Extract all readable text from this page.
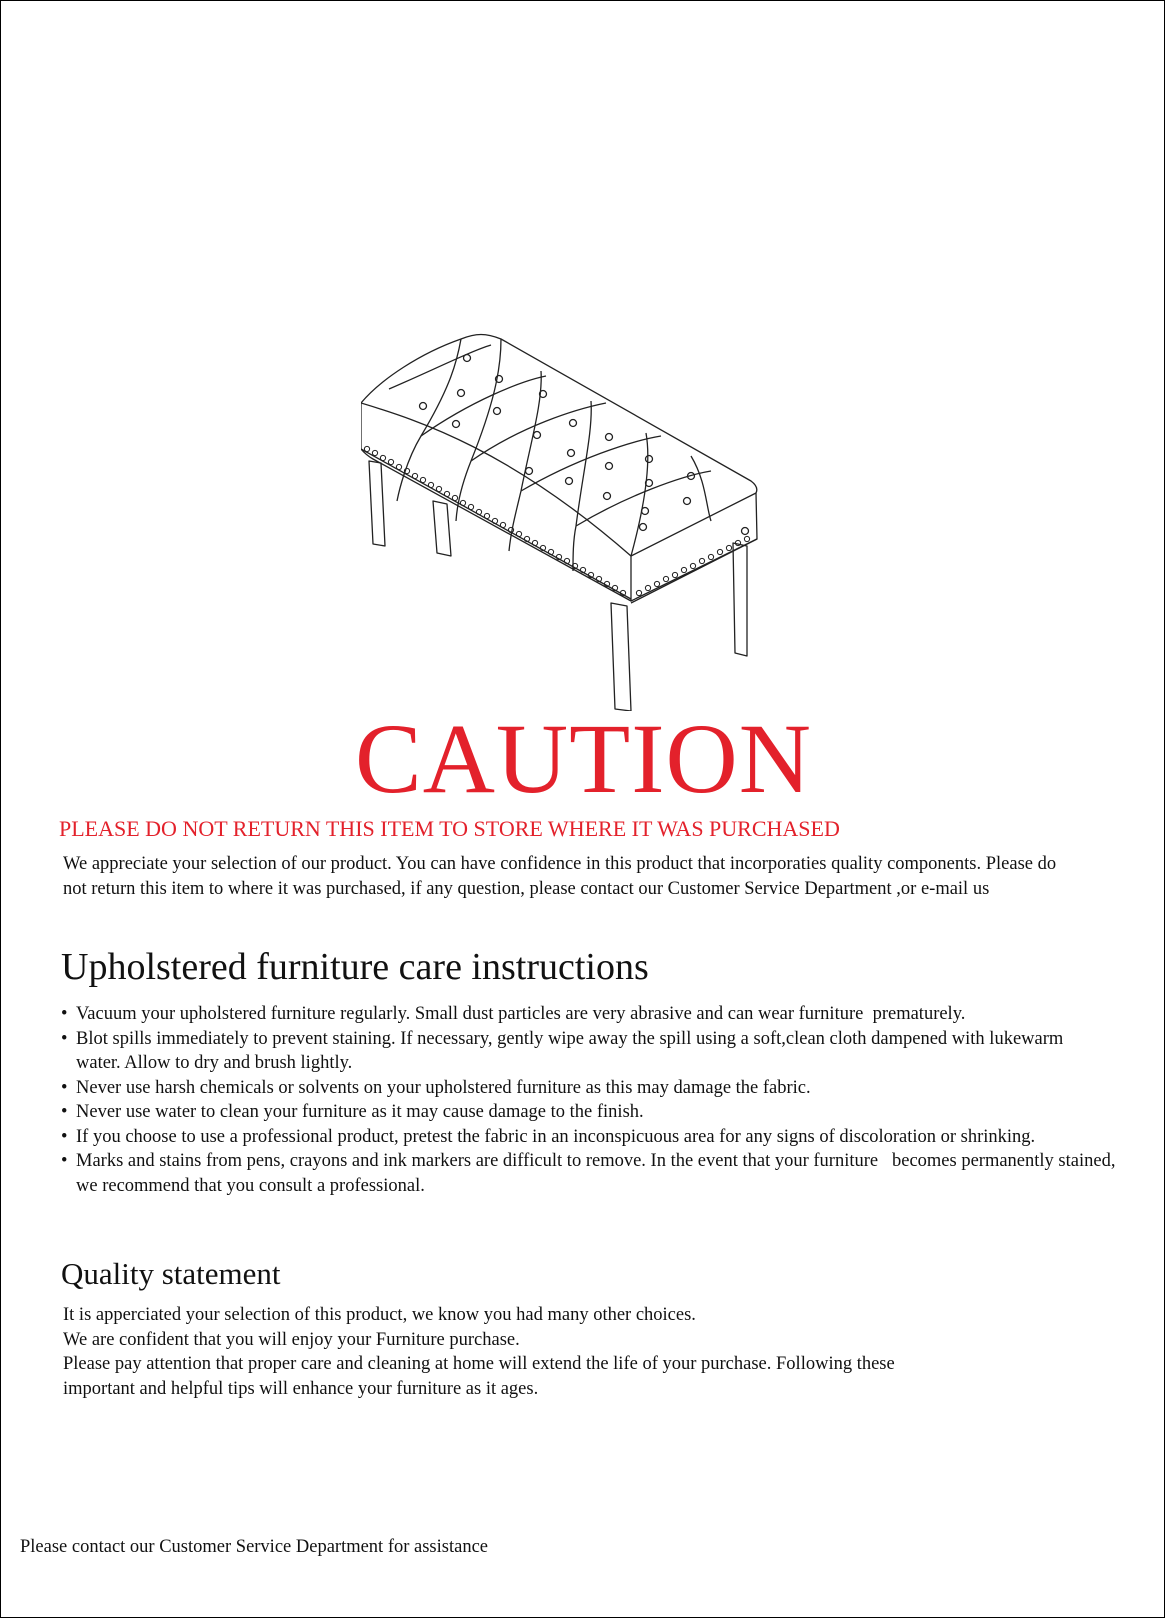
CAUTION
PLEASE DO NOT RETURN THIS ITEM TO STORE WHERE IT WAS PURCHASED

We appreciate your selection of our product. You can have confidence in this product that incorporaties quality components. Please do not return this item to where it was purchased, if any question, please contact our Customer Service Department ,or e-mail us

Upholstered furniture care instructions
• Vacuum your upholstered furniture regularly. Small dust particles are very abrasive and can wear furniture  prematurely.
• Blot spills immediately to prevent staining. If necessary, gently wipe away the spill using a soft,clean cloth dampened with lukewarm water. Allow to dry and brush lightly.
• Never use harsh chemicals or solvents on your upholstered furniture as this may damage the fabric.
• Never use water to clean your furniture as it may cause damage to the finish.
• If you choose to use a professional product, pretest the fabric in an inconspicuous area for any signs of discoloration or shrinking.
• Marks and stains from pens, crayons and ink markers are difficult to remove. In the event that your furniture   becomes permanently stained, we recommend that you consult a professional.
Quality statement
It is apperciated your selection of this product, we know you had many other choices.
We are confident that you will enjoy your Furniture purchase.
Please pay attention that proper care and cleaning at home will extend the life of your purchase. Following these
important and helpful tips will enhance your furniture as it ages.
Please contact our Customer Service Department for assistance
